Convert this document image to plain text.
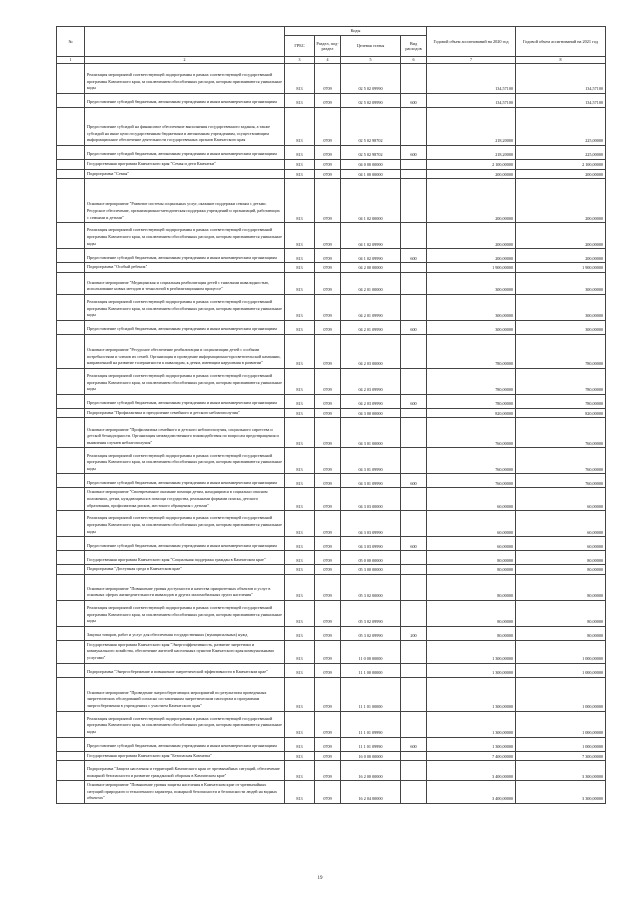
№		Коды				Годовой объем ассигнований на 2020 год	Годовой объем ассигнований на 2021 год
		ГРБС	Раздел, под-раздел	Целевая статья	Вид расходов		
1	2	3	4	5	6	7	8
	Реализация мероприятий соответствующей подпрограммы в рамках соответствующей государственной программы Камчатского края, за исключением обособленных расходов, которым присваиваются уникальные коды	813	0709	02 5 02 09990		134,57100	134,57100
	Предоставление субсидий бюджетным, автономным учреждениям и иным некоммерческим организациям	813	0709	02 5 02 09990	600	134,57100	134,57100
	Предоставление субсидий на финансовое обеспечение выполнения государственного задания, а также субсидий на иные цели государственным бюджетным и автономным учреждениям, осуществляющим информационное обеспечение деятельности государственных органов Камчатского края	813	0709	02 5 02 98702		218,20000	225,00000
	Предоставление субсидий бюджетным, автономным учреждениям и иным некоммерческим организациям	813	0709	02 5 02 98702	600	218,20000	225,00000
	Государственная программа Камчатского края "Семья и дети Камчатки"	813	0709	04 0 00 00000		2 100,00000	2 100,00000
	Подпрограмма "Семья"	813	0709	04 1 00 00000		200,00000	200,00000
	Основное мероприятие "Развитие системы социальных услуг, оказание поддержки семьям с детьми. Ресурсное обеспечение, организационно-методическая поддержка учреждений и организаций, работающих с семьями и детьми"	813	0709	04 1 02 00000		200,00000	200,00000
	Реализация мероприятий соответствующей подпрограммы в рамках соответствующей государственной программы Камчатского края, за исключением обособленных расходов, которым присваиваются уникальные коды	813	0709	04 1 02 09990		200,00000	200,00000
	Предоставление субсидий бюджетным, автономным учреждениям и иным некоммерческим организациям	813	0709	04 1 02 09990	600	200,00000	200,00000
	Подпрограмма "Особый ребенок"	813	0709	04 2 00 00000		1 900,00000	1 900,00000
	Основное мероприятие "Медицинская и социальная реабилитация детей с тяжелыми инвалидностью, использование новых методов и технологий в реабилитационном процессе"	813	0709	04 2 01 00000		300,00000	300,00000
	Реализация мероприятий соответствующей подпрограммы в рамках соответствующей государственной программы Камчатского края, за исключением обособленных расходов, которым присваиваются уникальные коды	813	0709	04 2 01 09990		300,00000	300,00000
	Предоставление субсидий бюджетным, автономным учреждениям и иным некоммерческим организациям	813	0709	04 2 01 09990	600	300,00000	300,00000
	Основное мероприятие "Ресурсное обеспечение реабилитации и социализации детей с особыми потребностями и членов их семей. Организация и проведение информационно-просветительской кампании, направленной на развитие толерантности к инвалидам, к детям, имеющим нарушения в развитии"	813	0709	04 2 03 00000		780,00000	780,00000
	Реализация мероприятий соответствующей подпрограммы в рамках соответствующей государственной программы Камчатского края, за исключением обособленных расходов, которым присваиваются уникальные коды	813	0709	04 2 03 09990		780,00000	780,00000
	Предоставление субсидий бюджетным, автономным учреждениям и иным некоммерческим организациям	813	0709	04 2 03 09990	600	780,00000	780,00000
	Подпрограмма "Профилактика и преодоление семейного и детского неблагополучия"	813	0709	04 3 00 00000		820,00000	820,00000
	Основное мероприятие "Профилактика семейного и детского неблагополучия, социального сиротства и детской безнадзорности. Организация межведомственного взаимодействия по вопросам предотвращения и выявления случаев неблагополучия"	813	0709	04 3 01 00000		760,00000	760,00000
	Реализация мероприятий соответствующей подпрограммы в рамках соответствующей государственной программы Камчатского края, за исключением обособленных расходов, которым присваиваются уникальные коды	813	0709	04 3 01 09990		760,00000	760,00000
	Предоставление субсидий бюджетным, автономным учреждениям и иным некоммерческим организациям	813	0709	04 3 01 09990	600	760,00000	760,00000
	Основное мероприятие "Своевременное оказание помощи детям, находящимся в социально опасном положении, детям, нуждающимся в помощи государства, реальными формами поиска, детского образования, профилактика рисков, жестокого обращения с детьми"	813	0709	04 3 03 00000		60,00000	60,00000
	Реализация мероприятий соответствующей подпрограммы в рамках соответствующей государственной программы Камчатского края, за исключением обособленных расходов, которым присваиваются уникальные коды	813	0709	04 3 03 09990		60,00000	60,00000
	Предоставление субсидий бюджетным, автономным учреждениям и иным некоммерческим организациям	813	0709	04 3 03 09990	600	60,00000	60,00000
	Государственная программа Камчатского края "Социальная поддержка граждан в Камчатском крае"	813	0709	05 0 00 00000		80,00000	80,00000
	Подпрограмма "Доступная среда в Камчатском крае"	813	0709	05 3 00 00000		80,00000	80,00000
	Основное мероприятие "Повышение уровня доступности и качества приоритетных объектов и услуг в основных сферах жизнедеятельности инвалидов и других маломобильных групп населения"	813	0709	05 3 02 00000		80,00000	80,00000
	Реализация мероприятий соответствующей подпрограммы в рамках соответствующей государственной программы Камчатского края, за исключением обособленных расходов, которым присваиваются уникальные коды	813	0709	05 3 02 09990		80,00000	80,00000
	Закупка товаров, работ и услуг для обеспечения государственных (муниципальных) нужд	813	0709	05 3 02 09990	200	80,00000	80,00000
	Государственная программа Камчатского края "Энергоэффективность, развитие энергетики и коммунального хозяйства, обеспечение жителей населенных пунктов Камчатского края коммунальными услугами"	813	0709	11 0 00 00000		1 300,00000	1 000,00000
	Подпрограмма "Энергосбережение и повышение энергетической эффективности в Камчатском крае"	813	0709	11 1 00 00000		1 300,00000	1 000,00000
	Основное мероприятие "Проведение энергосберегающих мероприятий по результатам проведенных энергетических обследований согласно составленным энергетическим паспортам и программам энергосбережения в учреждениях с участием Камчатского края"	813	0709	11 1 01 00000		1 300,00000	1 000,00000
	Реализация мероприятий соответствующей подпрограммы в рамках соответствующей государственной программы Камчатского края, за исключением обособленных расходов, которым присваиваются уникальные коды	813	0709	11 1 01 09990		1 300,00000	1 000,00000
	Предоставление субсидий бюджетным, автономным учреждениям и иным некоммерческим организациям	813	0709	11 1 01 09990	600	1 300,00000	1 000,00000
	Государственная программа Камчатского края "Безопасная Камчатка"	813	0709	16 0 00 00000		7 400,00000	7 300,00000
	Подпрограмма "Защита населения и территорий Камчатского края от чрезвычайных ситуаций, обеспечение пожарной безопасности и развитие гражданской обороны в Камчатском крае"	813	0709	16 2 00 00000		3 400,00000	3 300,00000
	Основное мероприятие "Повышение уровня защиты населения в Камчатском крае от чрезвычайных ситуаций природного и техногенного характера, пожарной безопасности и безопасности людей на водных объектах"	813	0709	16 2 04 00000		3 400,00000	3 300,00000
19
